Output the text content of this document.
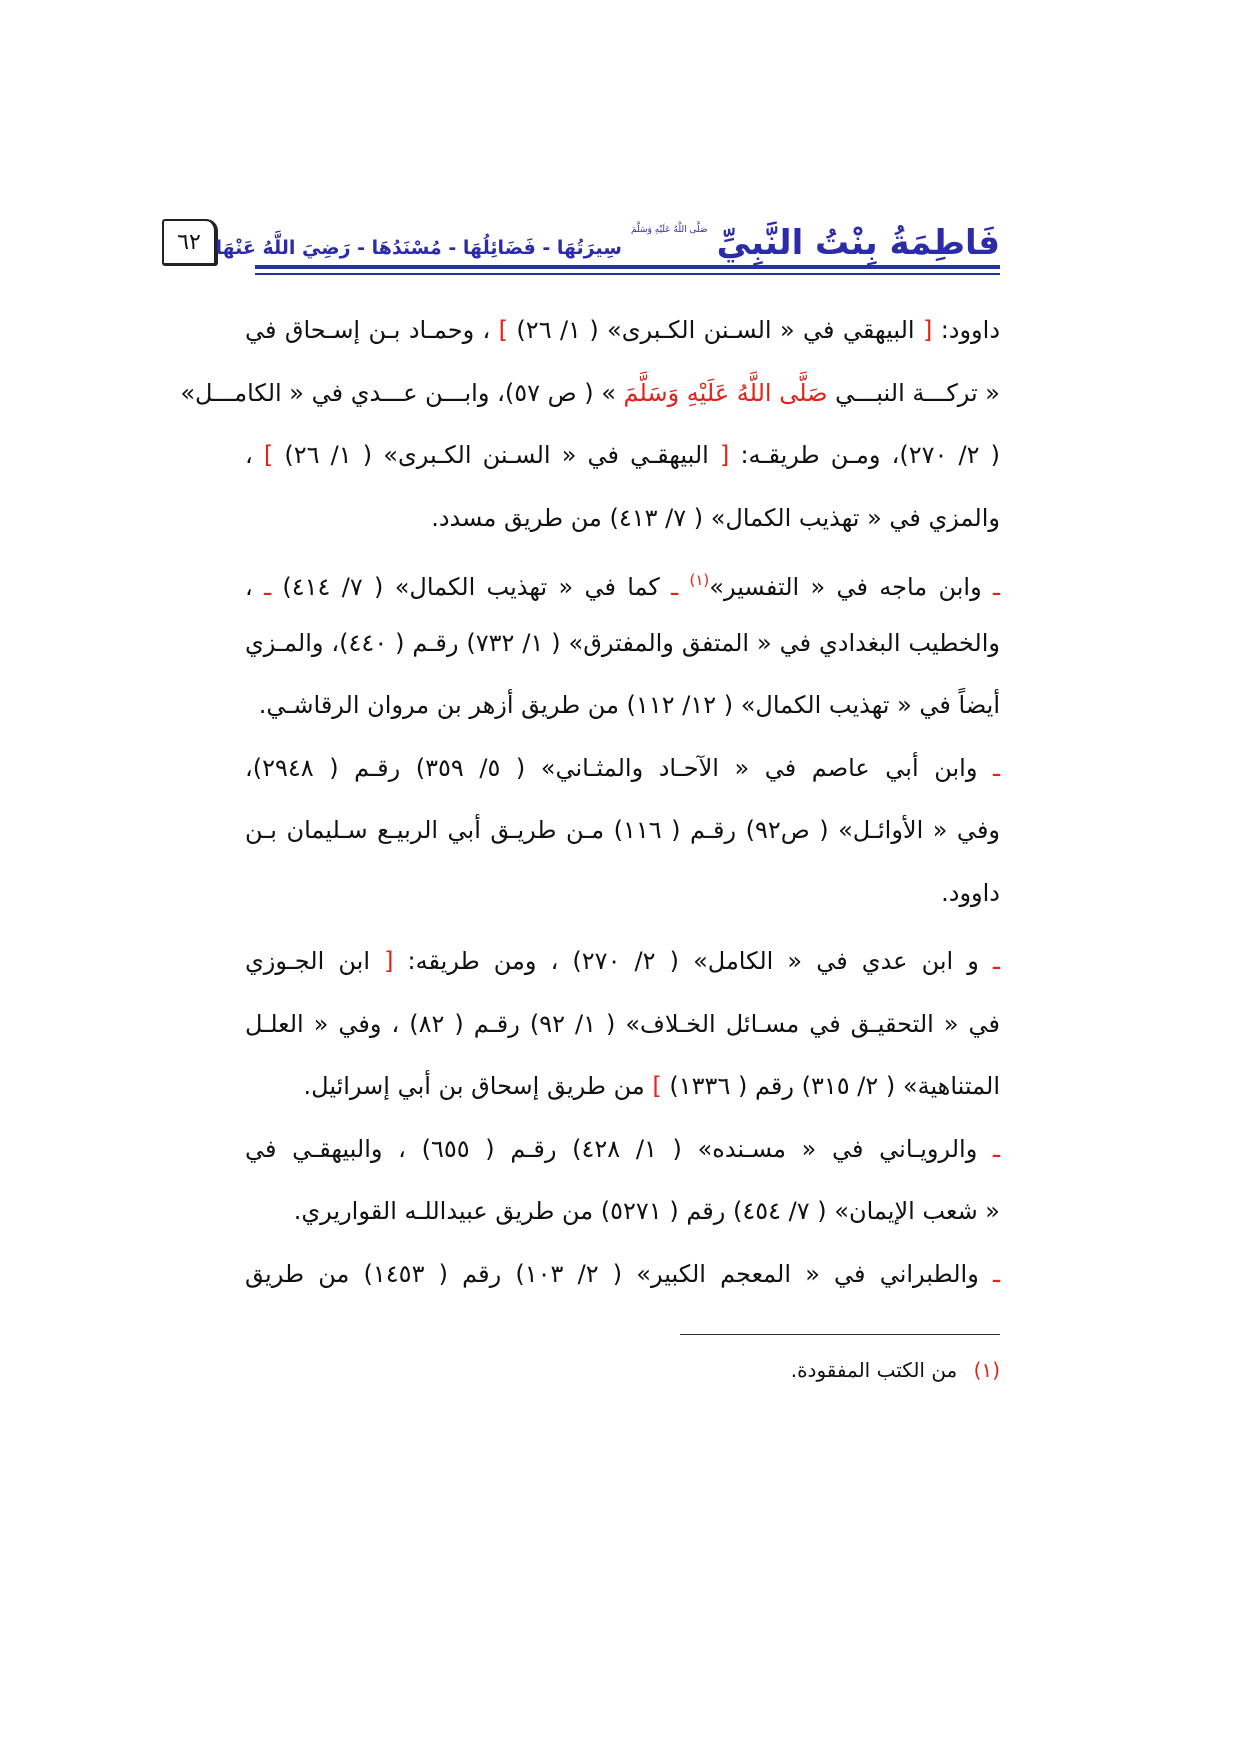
٦٢	فَاطِمَةُ بِنْتُ النَّبِيِّ $^{صَلَّى اللَّهُ عَلَيْهِ وَسَلَّمَ}$ سِيرَتُهَا - فَضَائِلُهَا - مُسْنَدُهَا - رَضِيَ اللَّهُ عَنْهَا
داوود: [ البيهقي في « السـنن الكـبرى» ( ١/ ٢٦) ] ، وحمـاد بـن إسـحاق في
« تركـــة النبـــي صَلَّى اللَّهُ عَلَيْهِ وَسَلَّمَ » ( ص ٥٧)، وابـــن عـــدي في « الكامـــل»
( ٢/ ٢٧٠)، ومـن طريقـه: [ البيهقـي في « السـنن الكـبرى» ( ١/ ٢٦) ] ،
والمزي في « تهذيب الكمال» ( ٧/ ٤١٣) من طريق مسدد.
ـ وابن ماجه في « التفسير»$^{(١)}$ ـ كما في « تهذيب الكمال» ( ٧/ ٤١٤) ـ ،
والخطيب البغدادي في « المتفق والمفترق» ( ١/ ٧٣٢) رقـم ( ٤٤٠)، والمـزي
أيضاً في « تهذيب الكمال» ( ١٢/ ١١٢) من طريق أزهر بن مروان الرقاشـي.
ـ وابن أبي عاصم في « الآحـاد والمثـاني» ( ٥/ ٣٥٩) رقـم ( ٢٩٤٨)،
وفي « الأوائـل» ( ص٩٢) رقـم ( ١١٦) مـن طريـق أبي الربيـع سـليمان بـن
داوود.
ـ و ابن عدي في « الكامل» ( ٢/ ٢٧٠) ، ومن طريقه: [ ابن الجـوزي
في « التحقيـق في مسـائل الخـلاف» ( ١/ ٩٢) رقـم ( ٨٢) ، وفي « العلـل
المتناهية» ( ٢/ ٣١٥) رقم ( ١٣٣٦) ] من طريق إسحاق بن أبي إسرائيل.
ـ والرويـاني في « مسـنده» ( ١/ ٤٢٨) رقـم ( ٦٥٥) ، والبيهقـي في
« شعب الإيمان» ( ٧/ ٤٥٤) رقم ( ٥٢٧١) من طريق عبيداللـه القواريري.
ـ والطبراني في « المعجم الكبير» ( ٢/ ١٠٣) رقم ( ١٤٥٣) من طريق
(١) من الكتب المفقودة.
